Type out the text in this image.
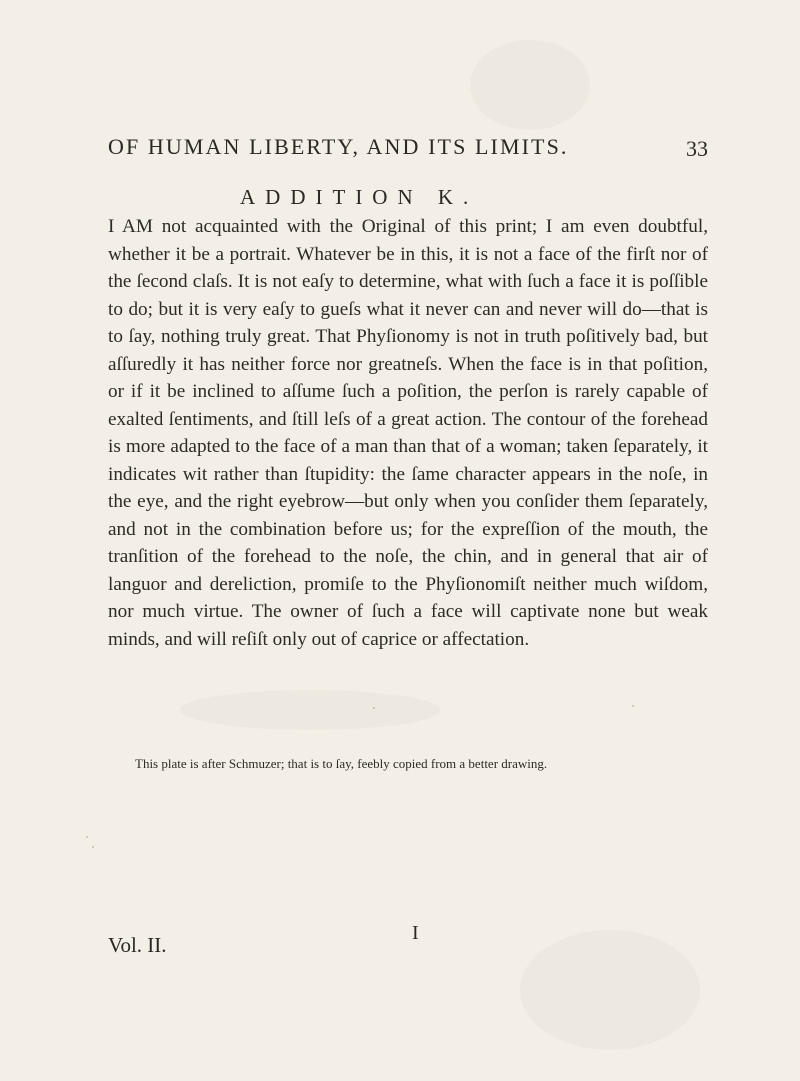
OF HUMAN LIBERTY, AND ITS LIMITS.	33
ADDITION K.

I AM not acquainted with the Original of this print; I am even doubtful, whether it be a portrait. Whatever be in this, it is not a face of the firſt nor of the ſecond claſs. It is not eaſy to determine, what with ſuch a face it is poſſible to do; but it is very eaſy to gueſs what it never can and never will do—that is to ſay, nothing truly great. That Phyſionomy is not in truth poſitively bad, but aſſuredly it has neither force nor greatneſs. When the face is in that poſition, or if it be inclined to aſſume ſuch a poſition, the perſon is rarely capable of exalted ſentiments, and ſtill leſs of a great action. The contour of the forehead is more adapted to the face of a man than that of a woman; taken ſeparately, it indicates wit rather than ſtupidity: the ſame character appears in the noſe, in the eye, and the right eyebrow—but only when you conſider them ſeparately, and not in the combination before us; for the expreſſion of the mouth, the tranſition of the forehead to the noſe, the chin, and in general that air of languor and dereliction, promiſe to the Phyſionomiſt neither much wiſdom, nor much virtue. The owner of ſuch a face will captivate none but weak minds, and will reſiſt only out of caprice or affectation.

This plate is after Schmuzer; that is to ſay, feebly copied from a better drawing.
Vol. II.	I
